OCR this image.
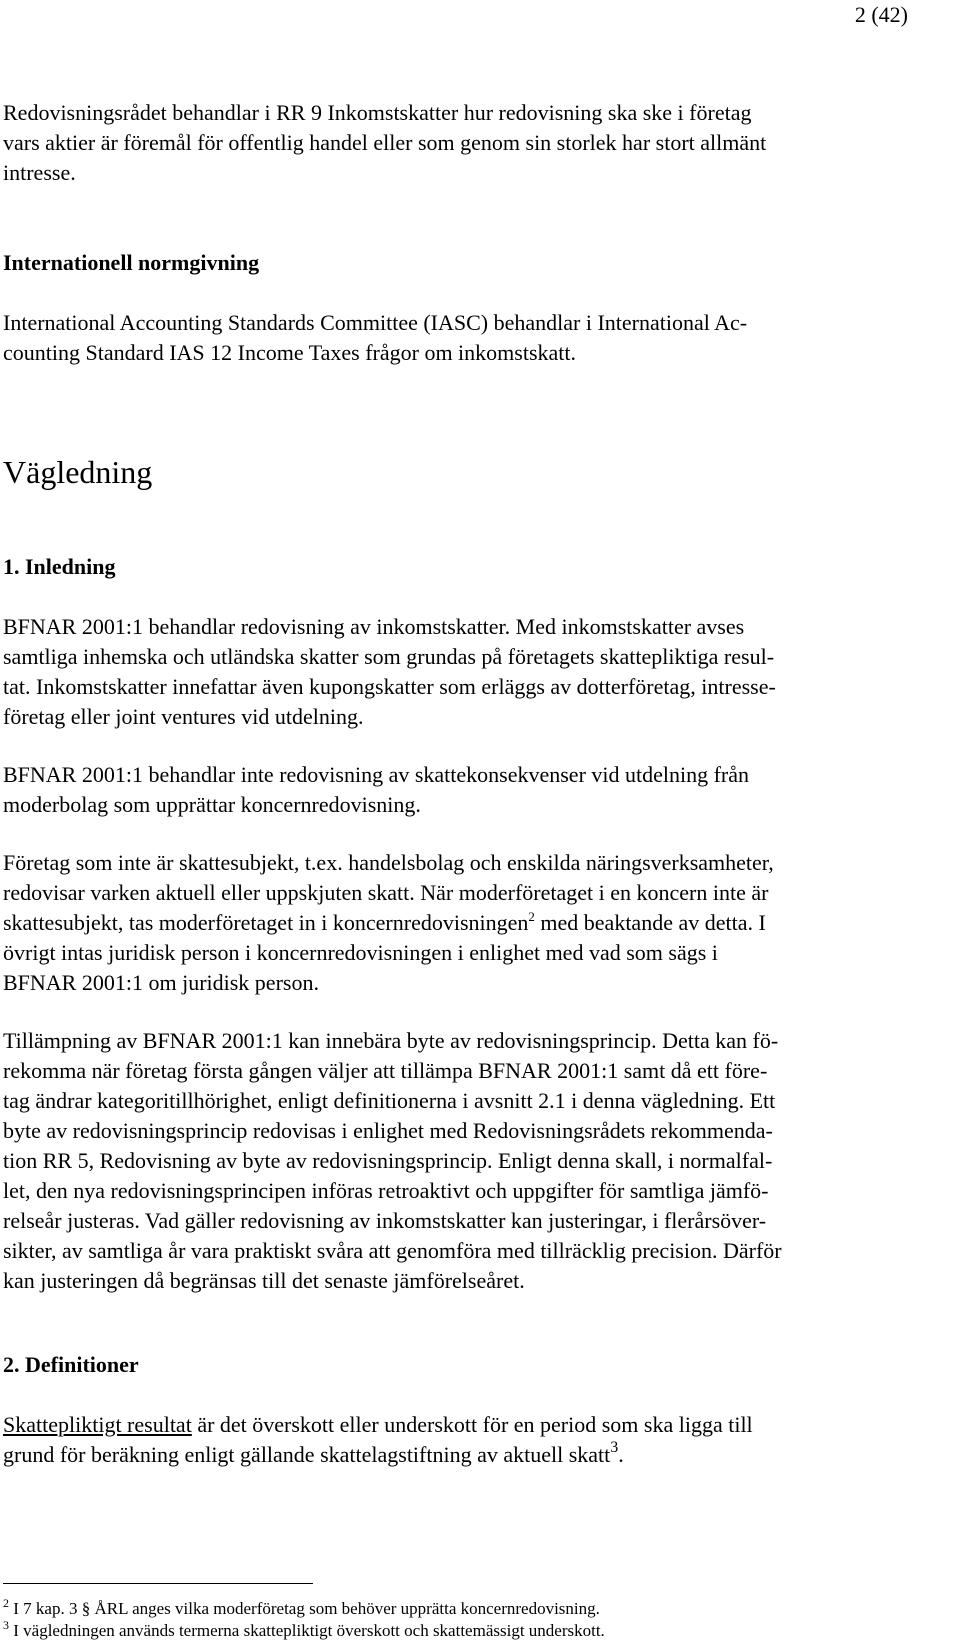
2 (42)
Redovisningsrådet behandlar i RR 9 Inkomstskatter hur redovisning ska ske i företag
vars aktier är föremål för offentlig handel eller som genom sin storlek har stort allmänt
intresse.
Internationell normgivning
International Accounting Standards Committee (IASC) behandlar i International Ac-
counting Standard IAS 12 Income Taxes frågor om inkomstskatt.
Vägledning
1. Inledning
BFNAR 2001:1 behandlar redovisning av inkomstskatter. Med inkomstskatter avses
samtliga inhemska och utländska skatter som grundas på företagets skattepliktiga resul-
tat. Inkomstskatter innefattar även kupongskatter som erläggs av dotterföretag, intresse-
företag eller joint ventures vid utdelning.
BFNAR 2001:1 behandlar inte redovisning av skattekonsekvenser vid utdelning från
moderbolag som upprättar koncernredovisning.
Företag som inte är skattesubjekt, t.ex. handelsbolag och enskilda näringsverksamheter,
redovisar varken aktuell eller uppskjuten skatt. När moderföretaget i en koncern inte är
skattesubjekt, tas moderföretaget in i koncernredovisningen$^2$ med beaktande av detta. I
övrigt intas juridisk person i koncernredovisningen i enlighet med vad som sägs i
BFNAR 2001:1 om juridisk person.
Tillämpning av BFNAR 2001:1 kan innebära byte av redovisningsprincip. Detta kan fö-
rekomma när företag första gången väljer att tillämpa BFNAR 2001:1 samt då ett före-
tag ändrar kategoritillhörighet, enligt definitionerna i avsnitt 2.1 i denna vägledning. Ett
byte av redovisningsprincip redovisas i enlighet med Redovisningsrådets rekommenda-
tion RR 5, Redovisning av byte av redovisningsprincip. Enligt denna skall, i normalfal-
let, den nya redovisningsprincipen införas retroaktivt och uppgifter för samtliga jämfö-
relseår justeras. Vad gäller redovisning av inkomstskatter kan justeringar, i flerårsöver-
sikter, av samtliga år vara praktiskt svåra att genomföra med tillräcklig precision. Därför
kan justeringen då begränsas till det senaste jämförelseåret.
2. Definitioner
Skattepliktigt resultat är det överskott eller underskott för en period som ska ligga till
grund för beräkning enligt gällande skattelagstiftning av aktuell skatt$^3$.
$^2$ I 7 kap. 3 § ÅRL anges vilka moderföretag som behöver upprätta koncernredovisning.
$^3$ I vägledningen används termerna skattepliktigt överskott och skattemässigt underskott.
